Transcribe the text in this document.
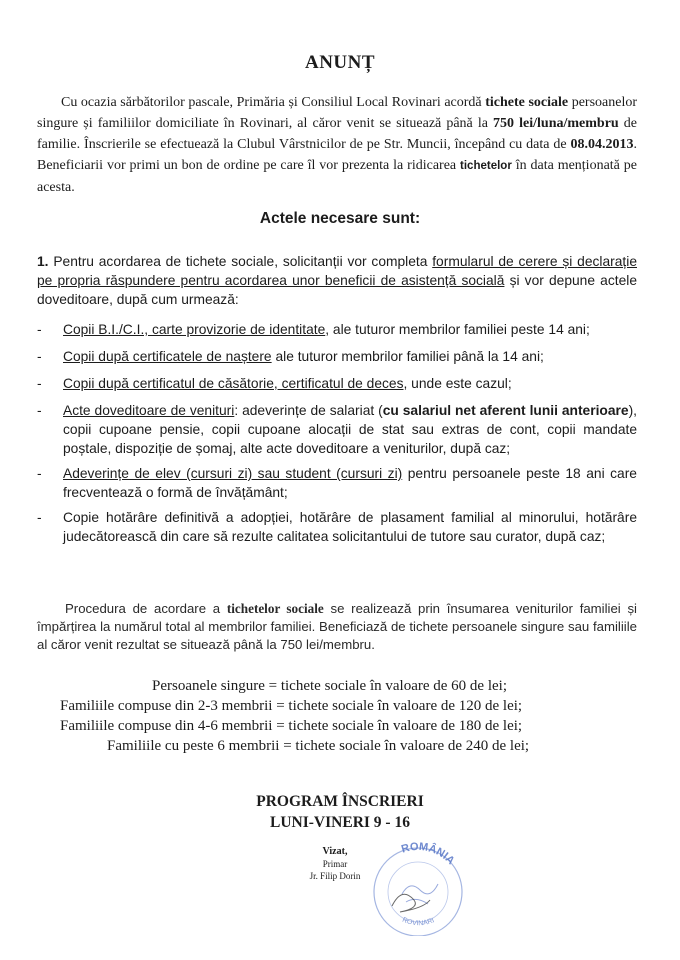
ANUNȚ
Cu ocazia sărbătorilor pascale, Primăria și Consiliul Local Rovinari acordă tichete sociale persoanelor singure și familiilor domiciliate în Rovinari, al căror venit se situează până la 750 lei/luna/membru de familie. Înscrierile se efectuează la Clubul Vârstnicilor de pe Str. Muncii, începând cu data de 08.04.2013. Beneficiarii vor primi un bon de ordine pe care îl vor prezenta la ridicarea tichetelor în data menționată pe acesta.
Actele necesare sunt:
1. Pentru acordarea de tichete sociale, solicitanții vor completa formularul de cerere și declarație pe propria răspundere pentru acordarea unor beneficii de asistență socială și vor depune actele doveditoare, după cum urmează:
-	Copii B.I./C.I., carte provizorie de identitate, ale tuturor membrilor familiei peste 14 ani;
-	Copii după certificatele de naștere ale tuturor membrilor familiei până la 14 ani;
-	Copii după certificatul de căsătorie, certificatul de deces, unde este cazul;
-	Acte doveditoare de venituri: adeverințe de salariat (cu salariul net aferent lunii anterioare), copii cupoane pensie, copii cupoane alocații de stat sau extras de cont, copii mandate poștale, dispoziție de șomaj, alte acte doveditoare a veniturilor, după caz;
-	Adeverințe de elev (cursuri zi) sau student (cursuri zi) pentru persoanele peste 18 ani care frecventează o formă de învățământ;
-	Copie hotărâre definitivă a adopției, hotărâre de plasament familial al minorului, hotărâre judecătorească din care să rezulte calitatea solicitantului de tutore sau curator, după caz;
Procedura de acordare a tichetelor sociale se realizează prin însumarea veniturilor familiei și împărțirea la numărul total al membrilor familiei. Beneficiază de tichete persoanele singure sau familiile al căror venit rezultat se situează până la 750 lei/membru.
Persoanele singure = tichete sociale în valoare de 60 de lei;
Familiile compuse din 2-3 membrii = tichete sociale în valoare de 120 de lei;
Familiile compuse din 4-6 membrii = tichete sociale în valoare de 180 de lei;
Familiile cu peste 6 membrii = tichete sociale în valoare de 240 de lei;
PROGRAM ÎNSCRIERI
LUNI-VINERI 9 - 16
Vizat,
Primar
Jr. Filip Dorin
ROMÂNIA
ROVINARI
